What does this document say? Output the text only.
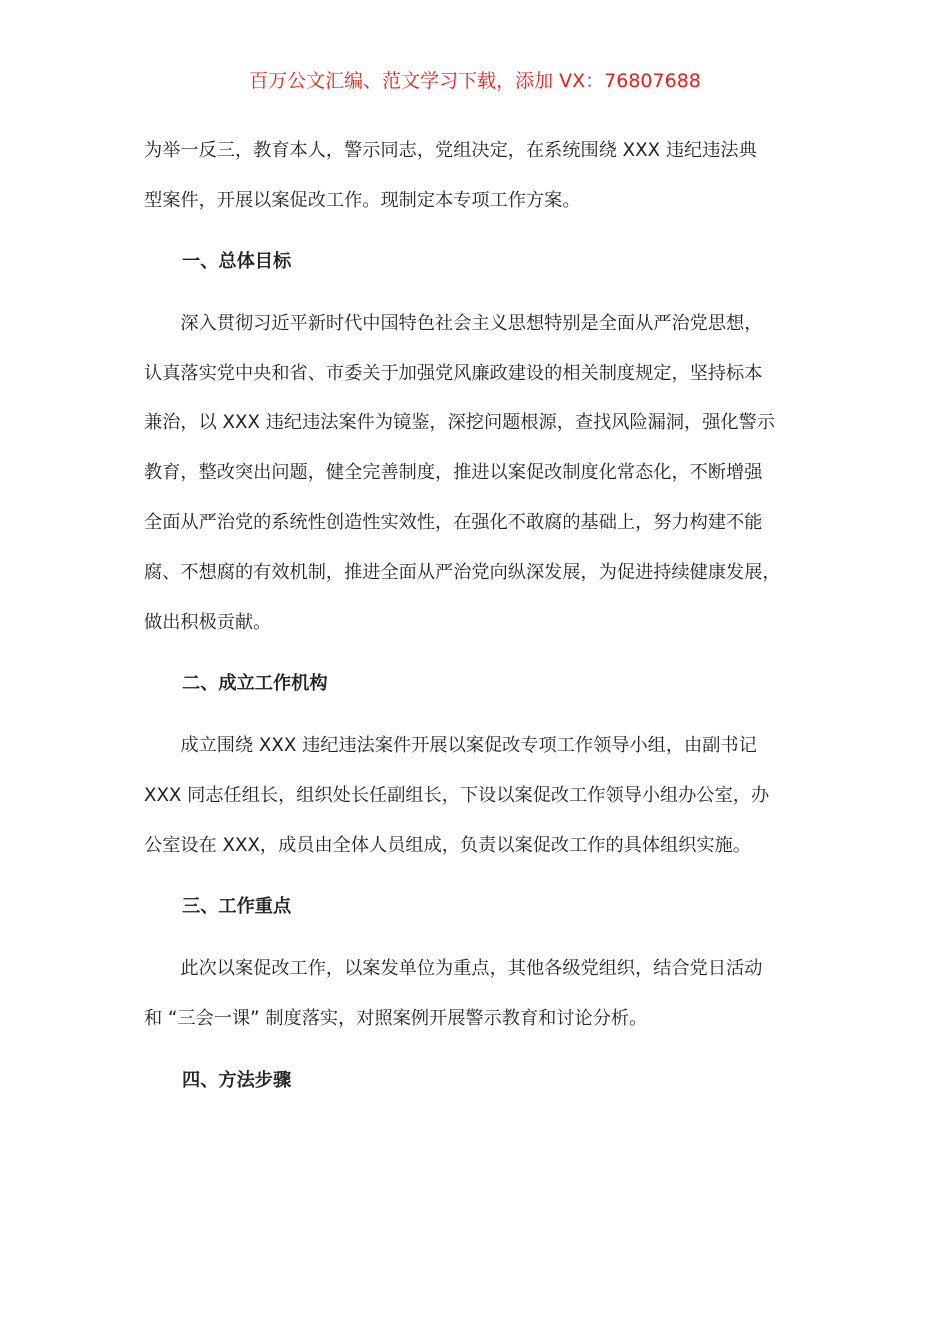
百万公文汇编、范文学习下载，添加 VX：76807688
为举一反三，教育本人，警示同志，党组决定，在系统围绕 XXX 违纪违法典
型案件，开展以案促改工作。现制定本专项工作方案。
一、总体目标
　　深入贯彻习近平新时代中国特色社会主义思想特别是全面从严治党思想，
认真落实党中央和省、市委关于加强党风廉政建设的相关制度规定，坚持标本
兼治，以 XXX 违纪违法案件为镜鉴，深挖问题根源，查找风险漏洞，强化警示
教育，整改突出问题，健全完善制度，推进以案促改制度化常态化，不断增强
全面从严治党的系统性创造性实效性，在强化不敢腐的基础上，努力构建不能
腐、不想腐的有效机制，推进全面从严治党向纵深发展，为促进持续健康发展，
做出积极贡献。
二、成立工作机构
　　成立围绕 XXX 违纪违法案件开展以案促改专项工作领导小组，由副书记
XXX 同志任组长，组织处长任副组长，下设以案促改工作领导小组办公室，办
公室设在 XXX，成员由全体人员组成，负责以案促改工作的具体组织实施。
三、工作重点
　　此次以案促改工作，以案发单位为重点，其他各级党组织，结合党日活动
和 “三会一课” 制度落实，对照案例开展警示教育和讨论分析。
四、方法步骤
